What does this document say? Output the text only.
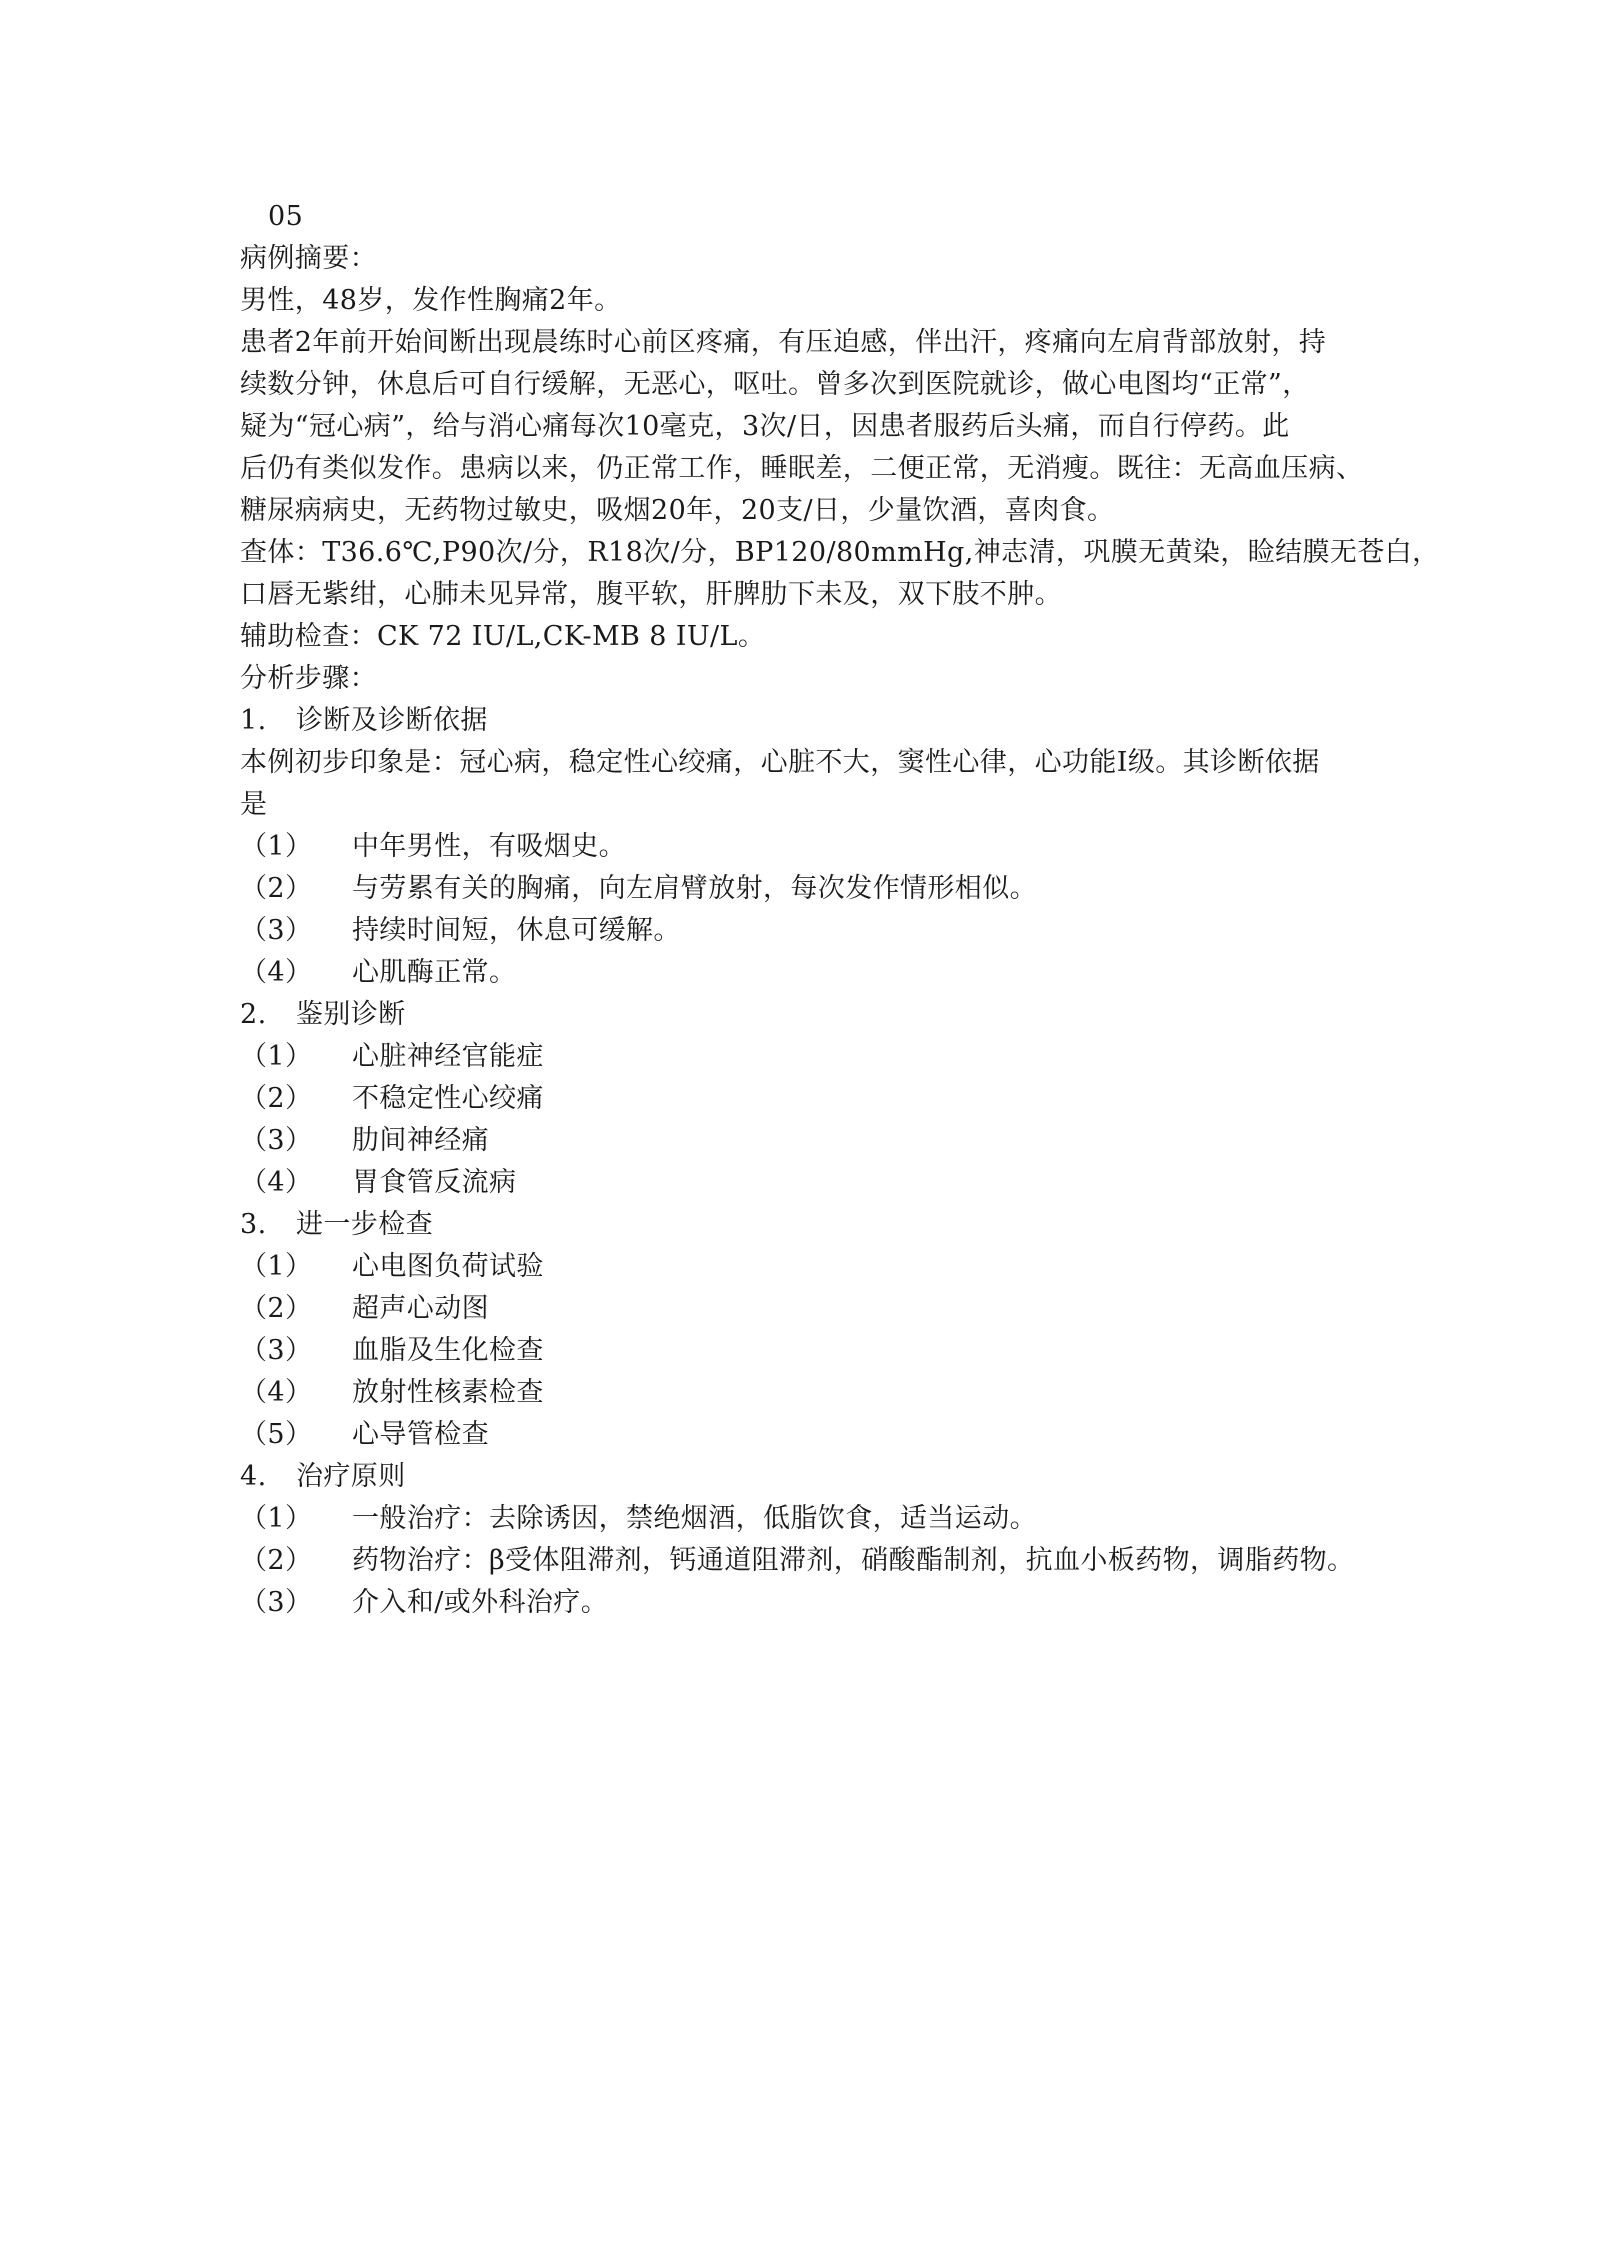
05
病例摘要：
男性，48岁，发作性胸痛2年。
患者2年前开始间断出现晨练时心前区疼痛，有压迫感，伴出汗，疼痛向左肩背部放射，持
续数分钟，休息后可自行缓解，无恶心，呕吐。曾多次到医院就诊，做心电图均“正常”，
疑为“冠心病”，给与消心痛每次10毫克，3次/日，因患者服药后头痛，而自行停药。此
后仍有类似发作。患病以来，仍正常工作，睡眠差，二便正常，无消瘦。既往：无高血压病、
糖尿病病史，无药物过敏史，吸烟20年，20支/日，少量饮酒，喜肉食。
查体：T36.6℃,P90次/分，R18次/分，BP120/80mmHg,神志清，巩膜无黄染，睑结膜无苍白，
口唇无紫绀，心肺未见异常，腹平软，肝脾肋下未及，双下肢不肿。
辅助检查：CK 72 IU/L,CK-MB 8 IU/L。
分析步骤：
1. 诊断及诊断依据
本例初步印象是：冠心病，稳定性心绞痛，心脏不大，窦性心律，心功能Ⅰ级。其诊断依据
是
（1）	中年男性，有吸烟史。
（2）	与劳累有关的胸痛，向左肩臂放射，每次发作情形相似。
（3）	持续时间短，休息可缓解。
（4）	心肌酶正常。
2. 鉴别诊断
（1）	心脏神经官能症
（2）	不稳定性心绞痛
（3）	肋间神经痛
（4）	胃食管反流病
3. 进一步检查
（1）	心电图负荷试验
（2）	超声心动图
（3）	血脂及生化检查
（4）	放射性核素检查
（5）	心导管检查
4. 治疗原则
（1）	一般治疗：去除诱因，禁绝烟酒，低脂饮食，适当运动。
（2）	药物治疗：β受体阻滞剂，钙通道阻滞剂，硝酸酯制剂，抗血小板药物，调脂药物。
（3）	介入和/或外科治疗。
